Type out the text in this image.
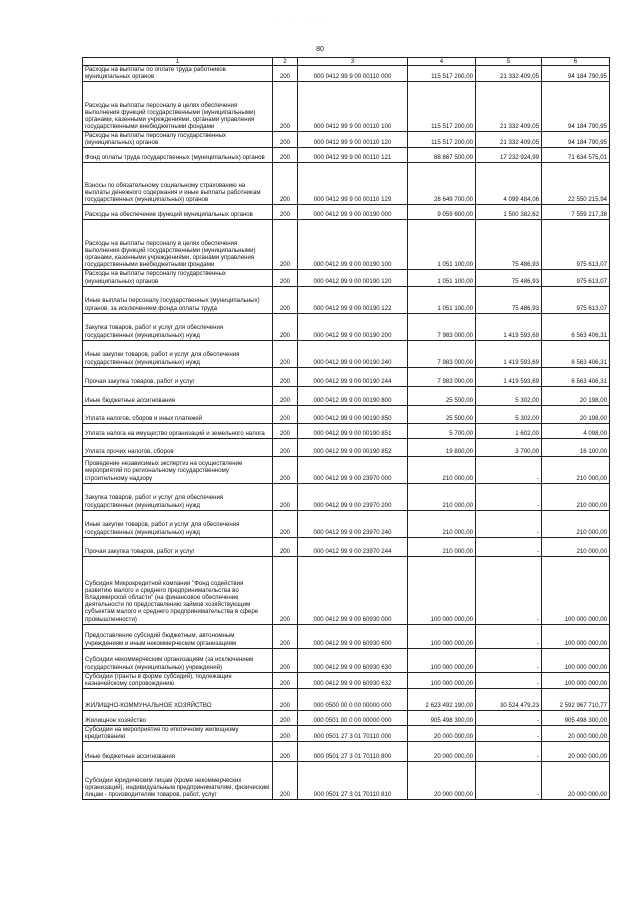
· · · ·
80
1	2	3	4	5	6
Расходы на выплаты по оплате труда работников муниципальных органов	200	000 0412 99 9 00 00110 000	115 517 200,00	21 332 409,05	94 184 790,95
Расходы на выплаты персоналу в целях обеспечения выполнения функций государственными (муниципальными) органами, казенными учреждениями, органами управления государственными внебюджетными фондами	200	000 0412 99 9 00 00110 100	115 517 200,00	21 332 409,05	94 184 790,95
Расходы на выплаты персоналу государственных (муниципальных) органов	200	000 0412 99 9 00 00110 120	115 517 200,00	21 332 409,05	94 184 790,95
Фонд оплаты труда государственных (муниципальных) органов	200	000 0412 99 9 00 00110 121	88 867 500,00	17 232 924,99	71 634 575,01
Взносы по обязательному социальному страхованию на выплаты денежного содержания и иные выплаты работникам государственных (муниципальных) органов	200	000 0412 99 9 00 00110 129	26 649 700,00	4 099 484,06	22 550 215,94
Расходы на обеспечение функций муниципальных органов	200	000 0412 99 9 00 00190 000	9 059 600,00	1 500 382,62	7 559 217,38
Расходы на выплаты персоналу в целях обеспечения выполнения функций государственными (муниципальными) органами, казенными учреждениями, органами управления государственными внебюджетными фондами	200	000 0412 99 9 00 00190 100	1 051 100,00	75 486,93	975 613,07
Расходы на выплаты персоналу государственных (муниципальных) органов	200	000 0412 99 9 00 00190 120	1 051 100,00	75 486,93	975 613,07
Иные выплаты персоналу государственных (муниципальных) органов, за исключением фонда оплаты труда	200	000 0412 99 9 00 00190 122	1 051 100,00	75 486,93	975 613,07
Закупка товаров, работ и услуг для обеспечения государственных (муниципальных) нужд	200	000 0412 99 9 00 00190 200	7 983 000,00	1 419 593,69	6 563 406,31
Иные закупки товаров, работ и услуг для обеспечения государственных (муниципальных) нужд	200	000 0412 99 9 00 00190 240	7 983 000,00	1 419 593,69	6 563 406,31
Прочая закупка товаров, работ и услуг	200	000 0412 99 9 00 00190 244	7 983 000,00	1 419 593,69	6 563 406,31
Иные бюджетные ассигнования	200	000 0412 99 9 00 00190 800	25 500,00	5 302,00	20 198,00
Уплата налогов, сборов и иных платежей	200	000 0412 99 9 00 00190 850	25 500,00	5 302,00	20 198,00
Уплата налога на имущество организаций и земельного налога	200	000 0412 99 9 00 00190 851	5 700,00	1 602,00	4 098,00
Уплата прочих налогов, сборов	200	000 0412 99 9 00 00190 852	19 800,00	3 700,00	16 100,00
Проведение независимых экспертиз на осуществление мероприятий по региональному государственному строительному надзору	200	000 0412 99 9 00 23970 000	210 000,00	-	210 000,00
Закупка товаров, работ и услуг для обеспечения государственных (муниципальных) нужд	200	000 0412 99 9 00 23970 200	210 000,00	-	210 000,00
Иные закупки товаров, работ и услуг для обеспечения государственных (муниципальных) нужд	200	000 0412 99 9 00 23970 240	210 000,00	-	210 000,00
Прочая закупка товаров, работ и услуг	200	000 0412 99 9 00 23970 244	210 000,00	-	210 000,00
Субсидия Микрокредитной компании "Фонд содействия развитию малого и среднего предпринимательства во Владимирской области" (на финансовое обеспечение деятельности по предоставлению займов хозяйствующим субъектам малого и среднего предпринимательства в сфере промышленности)	200	000 0412 99 9 00 60930 000	100 000 000,00	-	100 000 000,00
Предоставление субсидий бюджетным, автономным учреждениям и иным некоммерческим организациям	200	000 0412 99 9 00 60930 600	100 000 000,00	-	100 000 000,00
Субсидии некоммерческим организациям (за исключением государственных (муниципальных) учреждений)	200	000 0412 99 9 00 60930 630	100 000 000,00	-	100 000 000,00
Субсидии (гранты в форме субсидий), подлежащие казначейскому сопровождению	200	000 0412 99 9 00 60930 632	100 000 000,00	-	100 000 000,00
ЖИЛИЩНО-КОММУНАЛЬНОЕ ХОЗЯЙСТВО	200	000 0500 00 0 00 00000 000	2 623 492 190,00	30 524 479,23	2 592 967 710,77
Жилищное хозяйство	200	000 0501 00 0 00 00000 000	905 498 300,00	-	905 498 300,00
Субсидии на мероприятия по ипотечному жилищному кредитованию	200	000 0501 27 3 01 70110 000	20 000 000,00	-	20 000 000,00
Иные бюджетные ассигнования	200	000 0501 27 3 01 70110 800	20 000 000,00	-	20 000 000,00
Субсидии юридическим лицам (кроме некоммерческих организаций), индивидуальным предпринимателям, физическим лицам - производителям товаров, работ, услуг	200	000 0501 27 3 01 70110 810	20 000 000,00	-	20 000 000,00
